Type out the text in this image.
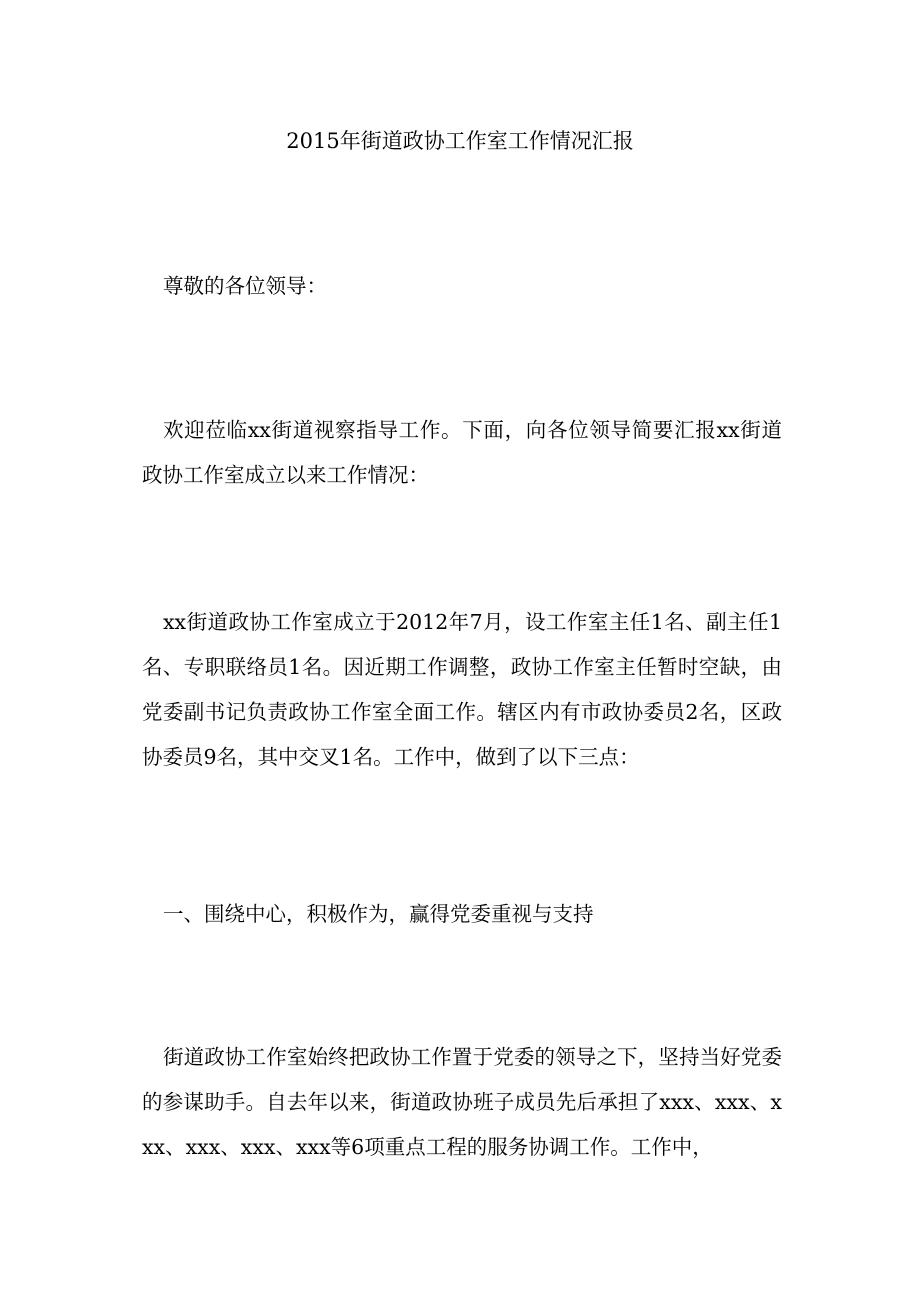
2015年街道政协工作室工作情况汇报

尊敬的各位领导：

欢迎莅临xx街道视察指导工作。下面，向各位领导简要汇报xx街道政协工作室成立以来工作情况：

xx街道政协工作室成立于2012年7月，设工作室主任1名、副主任1名、专职联络员1名。因近期工作调整，政协工作室主任暂时空缺，由党委副书记负责政协工作室全面工作。辖区内有市政协委员2名，区政协委员9名，其中交叉1名。工作中，做到了以下三点：

一、围绕中心，积极作为，赢得党委重视与支持

街道政协工作室始终把政协工作置于党委的领导之下，坚持当好党委的参谋助手。自去年以来，街道政协班子成员先后承担了xxx、xxx、xxx、xxx、xxx、xxx等6项重点工程的服务协调工作。工作中，
